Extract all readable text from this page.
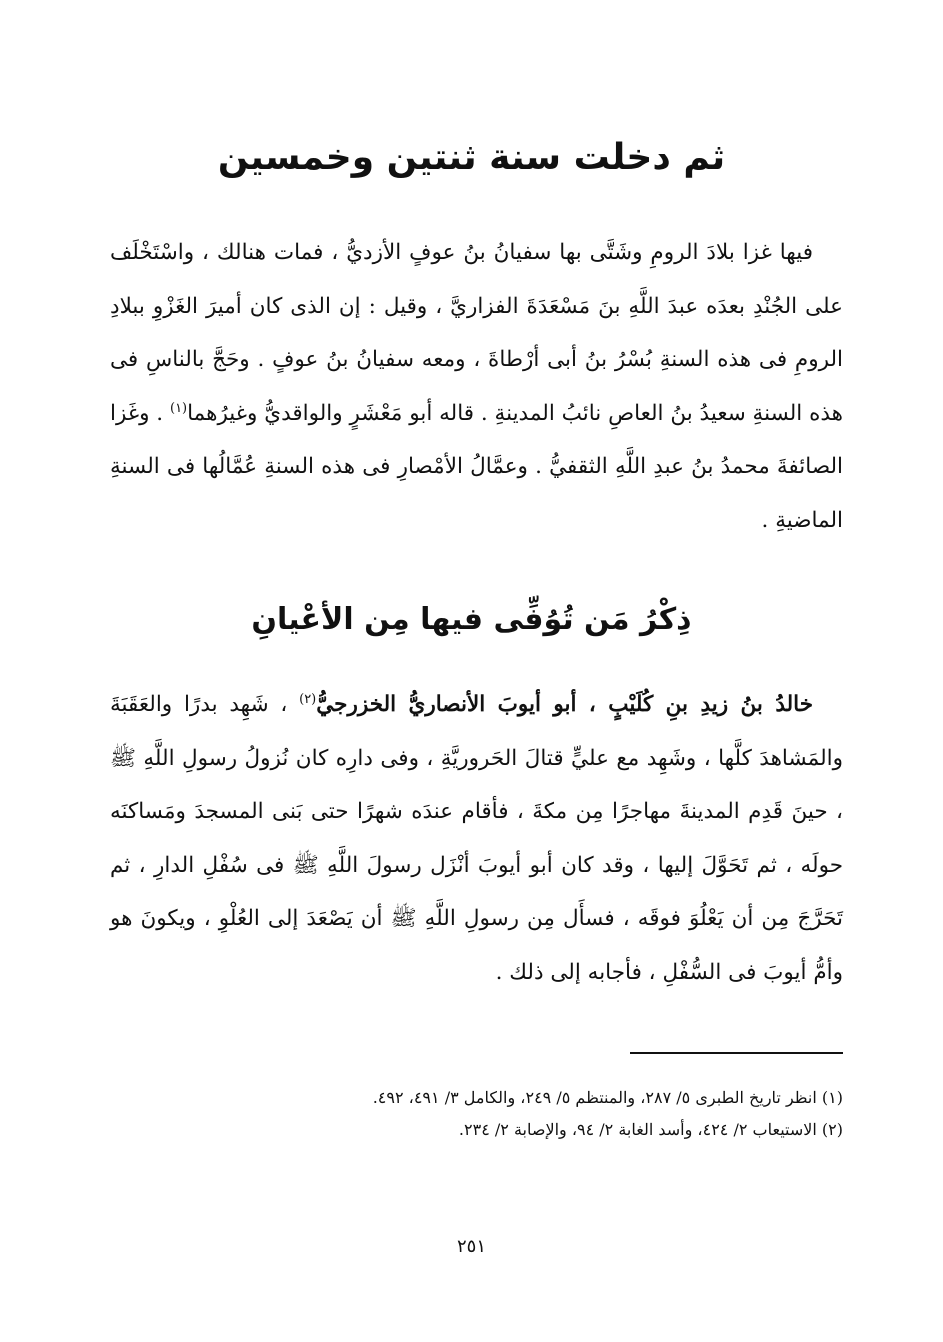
ثم دخلت سنة ثنتين وخمسين

فيها غزا بلادَ الرومِ وشَتَّى بها سفيانُ بنُ عوفٍ الأزديُّ ، فمات هنالك ، واسْتَخْلَف على الجُنْدِ بعدَه عبدَ اللَّهِ بنَ مَسْعَدَةَ الفزاريَّ ، وقيل : إن الذى كان أميرَ الغَزْوِ ببلادِ الرومِ فى هذه السنةِ بُسْرُ بنُ أبى أرْطاةَ ، ومعه سفيانُ بنُ عوفٍ . وحَجَّ بالناسِ فى هذه السنةِ سعيدُ بنُ العاصِ نائبُ المدينةِ . قاله أبو مَعْشَرٍ والواقديُّ وغيرُهما$^{(١)}$ . وغَزا الصائفةَ محمدُ بنُ عبدِ اللَّهِ الثقفيُّ . وعمَّالُ الأمْصارِ فى هذه السنةِ عُمَّالُها فى السنةِ الماضيةِ .

ذِكْرُ مَن تُوُفِّى فيها مِن الأعْيانِ

خالدُ بنُ زيدِ بنِ كُلَيْبٍ ، أبو أيوبَ الأنصاريُّ الخزرجيُّ$^{(٢)}$ ، شَهِد بدرًا والعَقَبَةَ والمَشاهدَ كلَّها ، وشَهِد مع عليٍّ قتالَ الحَروريَّةِ ، وفى دارِه كان نُزولُ رسولِ اللَّهِ ﷺ ، حينَ قَدِم المدينةَ مهاجرًا مِن مكةَ ، فأقام عندَه شهرًا حتى بَنى المسجدَ ومَساكنَه حولَه ، ثم تَحَوَّلَ إليها ، وقد كان أبو أيوبَ أنْزَل رسولَ اللَّهِ ﷺ فى سُفْلِ الدارِ ، ثم تَحَرَّجَ مِن أن يَعْلُوَ فوقَه ، فسأَل مِن رسولِ اللَّهِ ﷺ أن يَصْعَدَ إلى العُلْوِ ، ويكونَ هو وأمُّ أيوبَ فى السُّفْلِ ، فأجابه إلى ذلك .

(١) انظر تاريخ الطبرى ٥/ ٢٨٧، والمنتظم ٥/ ٢٤٩، والكامل ٣/ ٤٩١، ٤٩٢.
(٢) الاستيعاب ٢/ ٤٢٤، وأسد الغابة ٢/ ٩٤، والإصابة ٢/ ٢٣٤.
٢٥١
